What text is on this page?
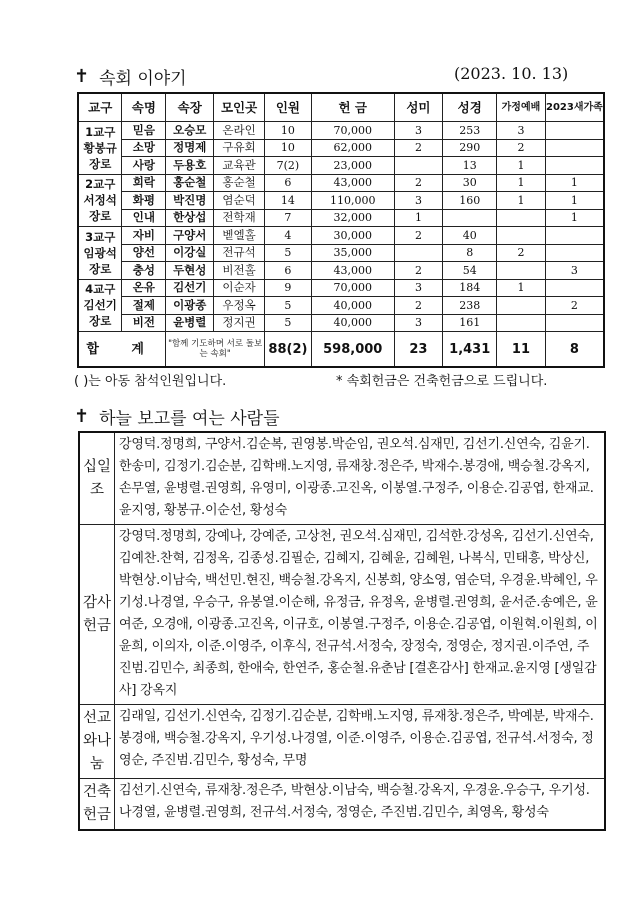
✝ 속회 이야기	(2023. 10. 13)
교구	속명	속장	모인곳	인원	헌 금	성미	성경	가정예배	2023새가족
1교구 황봉규 장로	믿음	오승모	온라인	10	70,000	3	253	3	
	소망	정명제	구유회	10	62,000	2	290	2	
	사랑	두용호	교육관	7(2)	23,000		13	1	
2교구 서정석 장로	희락	홍순철	홍순철	6	43,000	2	30	1	1
	화평	박진명	염순덕	14	110,000	3	160	1	1
	인내	한상섭	전학재	7	32,000	1			1
3교구 임광석 장로	자비	구양서	벧엘홀	4	30,000	2	40		
	양선	이강실	전규석	5	35,000		8	2	
	충성	두현성	비전홀	6	43,000	2	54		3
4교구 김선기 장로	온유	김선기	이순자	9	70,000	3	184	1	
	절제	이광종	우정옥	5	40,000	2	238		2
	비전	윤병렬	정지권	5	40,000	3	161		
합 계		"함께 기도하며 서로 돌보는 속회"		88(2)	598,000	23	1,431	11	8
( )는 아동 참석인원입니다.	* 속회헌금은 건축헌금으로 드립니다.
✝ 하늘 보고를 여는 사람들
십일조	강영덕.정명희, 구양서.김순복, 권영봉.박순임, 권오석.심재민, 김선기.신연숙, 김윤기.한송미, 김정기.김순분, 김학배.노지영, 류재창.정은주, 박재수.봉경애, 백승철.강옥지, 손무열, 윤병렬.권영희, 유영미, 이광종.고진옥, 이봉열.구정주, 이용순.김공엽, 한재교.윤지영, 황봉규.이순선, 황성숙
감사헌금	강영덕.정명희, 강예나, 강예준, 고상천, 권오석.심재민, 김석한.강성옥, 김선기.신연숙, 김예찬.찬혁, 김정옥, 김종성.김필순, 김혜지, 김혜윤, 김혜원, 나복식, 민태흥, 박상신, 박현상.이남숙, 백선민.현진, 백승철.강옥지, 신봉희, 양소영, 염순덕, 우경윤.박혜인, 우기성.나경열, 우승구, 유봉열.이순해, 유정금, 유정옥, 윤병렬.권영희, 윤서준.송예은, 윤여준, 오경애, 이광종.고진옥, 이규호, 이봉열.구정주, 이용순.김공엽, 이원혁.이원희, 이윤희, 이의자, 이준.이영주, 이후식, 전규석.서정숙, 장정숙, 정영순, 정지권.이주연, 주진범.김민수, 최종희, 한애숙, 한연주, 홍순철.유춘남 [결혼감사] 한재교.윤지영 [생일감사] 강옥지
선교와나눔	김래일, 김선기.신연숙, 김정기.김순분, 김학배.노지영, 류재창.정은주, 박예분, 박재수.봉경애, 백승철.강옥지, 우기성.나경열, 이준.이영주, 이용순.김공엽, 전규석.서정숙, 정영순, 주진범.김민수, 황성숙, 무명
건축헌금	김선기.신연숙, 류재창.정은주, 박현상.이남숙, 백승철.강옥지, 우경윤.우승구, 우기성.나경열, 윤병렬.권영희, 전규석.서정숙, 정영순, 주진범.김민수, 최영옥, 황성숙
